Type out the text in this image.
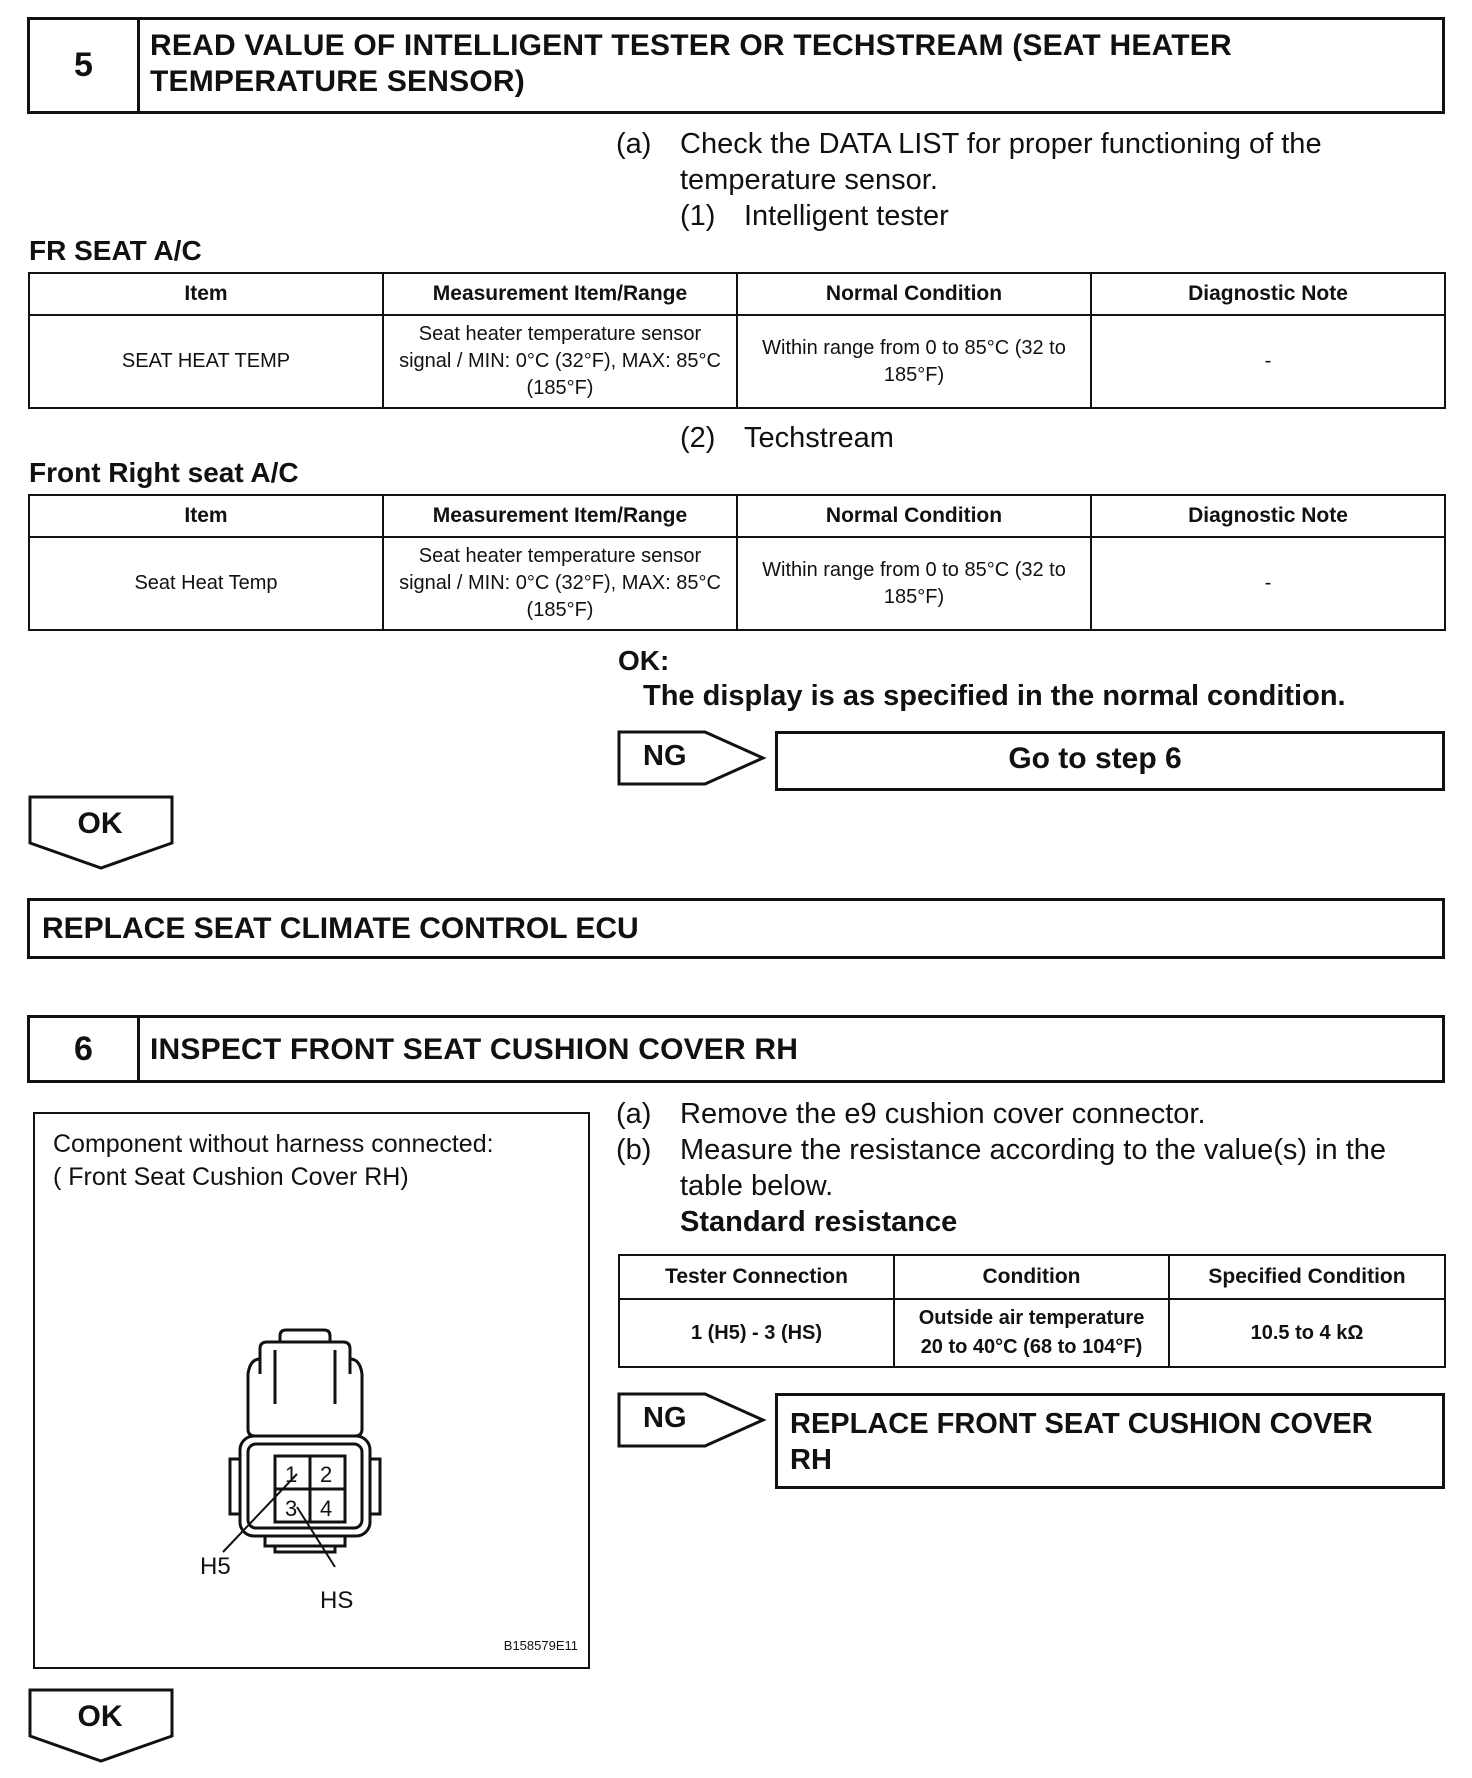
5
READ VALUE OF INTELLIGENT TESTER OR TECHSTREAM (SEAT HEATER
TEMPERATURE SENSOR)
(a) Check the DATA LIST for proper functioning of the
temperature sensor.
(1) Intelligent tester
FR SEAT A/C
Item	Measurement Item/Range	Normal Condition	Diagnostic Note
SEAT HEAT TEMP	Seat heater temperature sensor signal / MIN: 0°C (32°F), MAX: 85°C (185°F)	Within range from 0 to 85°C (32 to 185°F)	-
(2) Techstream
Front Right seat A/C
Item	Measurement Item/Range	Normal Condition	Diagnostic Note
Seat Heat Temp	Seat heater temperature sensor signal / MIN: 0°C (32°F), MAX: 85°C (185°F)	Within range from 0 to 85°C (32 to 185°F)	-
OK:
The display is as specified in the normal condition.
NG	Go to step 6
OK
REPLACE SEAT CLIMATE CONTROL ECU
6	INSPECT FRONT SEAT CUSHION COVER RH
Component without harness connected:
( Front Seat Cushion Cover RH)
1 2
3 4
H5
HS
B158579E11
(a) Remove the e9 cushion cover connector.
(b) Measure the resistance according to the value(s) in the
table below.
Standard resistance
Tester Connection	Condition	Specified Condition
1 (H5) - 3 (HS)	Outside air temperature
20 to 40°C (68 to 104°F)	10.5 to 4 kΩ
NG	REPLACE FRONT SEAT CUSHION COVER
RH
OK
